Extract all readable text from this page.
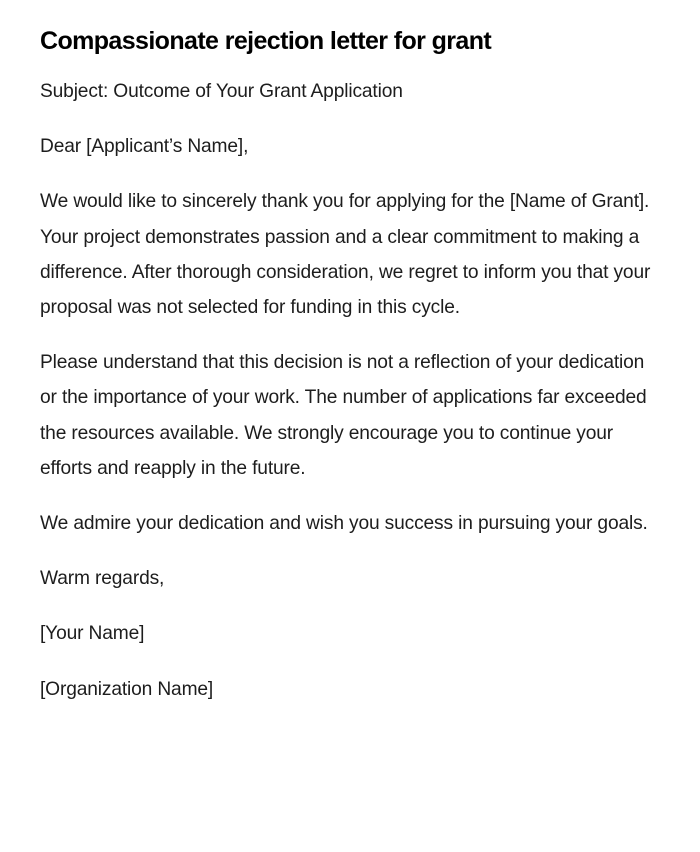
Compassionate rejection letter for grant

Subject: Outcome of Your Grant Application

Dear [Applicant’s Name],

We would like to sincerely thank you for applying for the [Name of Grant]. Your project demonstrates passion and a clear commitment to making a difference. After thorough consideration, we regret to inform you that your proposal was not selected for funding in this cycle.

Please understand that this decision is not a reflection of your dedication or the importance of your work. The number of applications far exceeded the resources available. We strongly encourage you to continue your efforts and reapply in the future.

We admire your dedication and wish you success in pursuing your goals.

Warm regards,

[Your Name]

[Organization Name]
